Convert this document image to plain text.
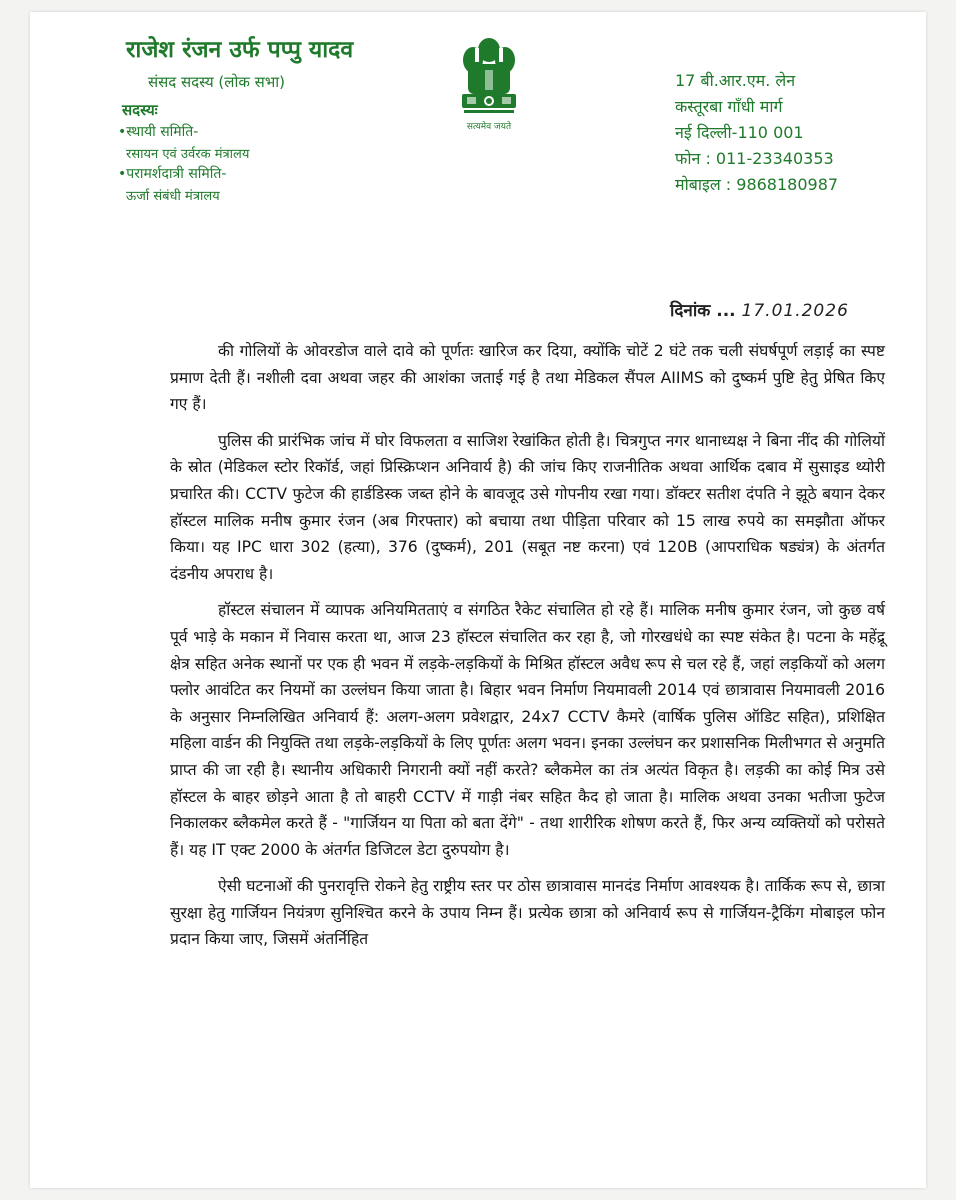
राजेश रंजन उर्फ पप्पु यादव
संसद सदस्य (लोक सभा)
सदस्यः
•स्थायी समिति-
रसायन एवं उर्वरक मंत्रालय
•परामर्शदात्री समिति-
ऊर्जा संबंधी मंत्रालय
सत्यमेव जयते
17 बी.आर.एम. लेन
कस्तूरबा गाँधी मार्ग
नई दिल्ली-110 001
फोन : 011-23340353
मोबाइल : 9868180987
दिनांक ... 17.01.2026

की गोलियों के ओवरडोज वाले दावे को पूर्णतः खारिज कर दिया, क्योंकि चोटें 2 घंटे तक चली संघर्षपूर्ण लड़ाई का स्पष्ट प्रमाण देती हैं। नशीली दवा अथवा जहर की आशंका जताई गई है तथा मेडिकल सैंपल AIIMS को दुष्कर्म पुष्टि हेतु प्रेषित किए गए हैं।

पुलिस की प्रारंभिक जांच में घोर विफलता व साजिश रेखांकित होती है। चित्रगुप्त नगर थानाध्यक्ष ने बिना नींद की गोलियों के स्रोत (मेडिकल स्टोर रिकॉर्ड, जहां प्रिस्क्रिप्शन अनिवार्य है) की जांच किए राजनीतिक अथवा आर्थिक दबाव में सुसाइड थ्योरी प्रचारित की। CCTV फुटेज की हार्डडिस्क जब्त होने के बावजूद उसे गोपनीय रखा गया। डॉक्टर सतीश दंपति ने झूठे बयान देकर हॉस्टल मालिक मनीष कुमार रंजन (अब गिरफ्तार) को बचाया तथा पीड़िता परिवार को 15 लाख रुपये का समझौता ऑफर किया। यह IPC धारा 302 (हत्या), 376 (दुष्कर्म), 201 (सबूत नष्ट करना) एवं 120B (आपराधिक षड्यंत्र) के अंतर्गत दंडनीय अपराध है।

हॉस्टल संचालन में व्यापक अनियमितताएं व संगठित रैकेट संचालित हो रहे हैं। मालिक मनीष कुमार रंजन, जो कुछ वर्ष पूर्व भाड़े के मकान में निवास करता था, आज 23 हॉस्टल संचालित कर रहा है, जो गोरखधंधे का स्पष्ट संकेत है। पटना के महेंद्रू क्षेत्र सहित अनेक स्थानों पर एक ही भवन में लड़के-लड़कियों के मिश्रित हॉस्टल अवैध रूप से चल रहे हैं, जहां लड़कियों को अलग फ्लोर आवंटित कर नियमों का उल्लंघन किया जाता है। बिहार भवन निर्माण नियमावली 2014 एवं छात्रावास नियमावली 2016 के अनुसार निम्नलिखित अनिवार्य हैं: अलग-अलग प्रवेशद्वार, 24x7 CCTV कैमरे (वार्षिक पुलिस ऑडिट सहित), प्रशिक्षित महिला वार्डन की नियुक्ति तथा लड़के-लड़कियों के लिए पूर्णतः अलग भवन। इनका उल्लंघन कर प्रशासनिक मिलीभगत से अनुमति प्राप्त की जा रही है। स्थानीय अधिकारी निगरानी क्यों नहीं करते? ब्लैकमेल का तंत्र अत्यंत विकृत है। लड़की का कोई मित्र उसे हॉस्टल के बाहर छोड़ने आता है तो बाहरी CCTV में गाड़ी नंबर सहित कैद हो जाता है। मालिक अथवा उनका भतीजा फुटेज निकालकर ब्लैकमेल करते हैं - "गार्जियन या पिता को बता देंगे" - तथा शारीरिक शोषण करते हैं, फिर अन्य व्यक्तियों को परोसते हैं। यह IT एक्ट 2000 के अंतर्गत डिजिटल डेटा दुरुपयोग है।

ऐसी घटनाओं की पुनरावृत्ति रोकने हेतु राष्ट्रीय स्तर पर ठोस छात्रावास मानदंड निर्माण आवश्यक है। तार्किक रूप से, छात्रा सुरक्षा हेतु गार्जियन नियंत्रण सुनिश्चित करने के उपाय निम्न हैं। प्रत्येक छात्रा को अनिवार्य रूप से गार्जियन-ट्रैकिंग मोबाइल फोन प्रदान किया जाए, जिसमें अंतर्निहित
